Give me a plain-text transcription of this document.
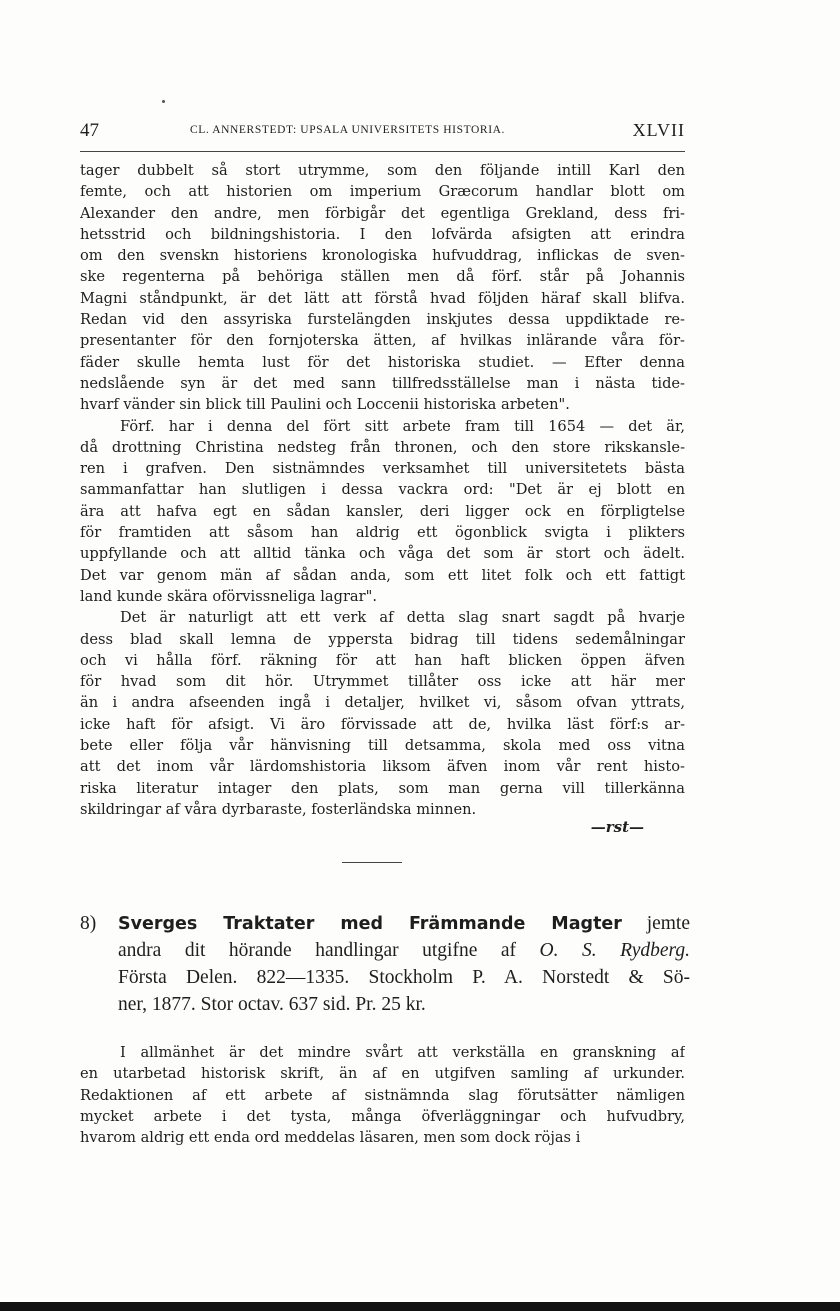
47	CL. ANNERSTEDT: UPSALA UNIVERSITETS HISTORIA.	XLVII
tager dubbelt så stort utrymme, som den följande intill Karl den
femte, och att historien om imperium Græcorum handlar blott om
Alexander den andre, men förbigår det egentliga Grekland, dess fri-
hetsstrid och bildningshistoria. I den lofvärda afsigten att erindra
om den svenskn historiens kronologiska hufvuddrag, inflickas de sven-
ske regenterna på behöriga ställen men då förf. står på Johannis
Magni ståndpunkt, är det lätt att förstå hvad följden häraf skall blifva.
Redan vid den assyriska furstelängden inskjutes dessa uppdiktade re-
presentanter för den fornjoterska ätten, af hvilkas inlärande våra för-
fäder skulle hemta lust för det historiska studiet. — Efter denna
nedslående syn är det med sann tillfredsställelse man i nästa tide-
hvarf vänder sin blick till Paulini och Loccenii historiska arbeten".
Förf. har i denna del fört sitt arbete fram till 1654 — det är,
då drottning Christina nedsteg från thronen, och den store rikskansle-
ren i grafven. Den sistnämndes verksamhet till universitetets bästa
sammanfattar han slutligen i dessa vackra ord: "Det är ej blott en
ära att hafva egt en sådan kansler, deri ligger ock en förpligtelse
för framtiden att såsom han aldrig ett ögonblick svigta i plikters
uppfyllande och att alltid tänka och våga det som är stort och ädelt.
Det var genom män af sådan anda, som ett litet folk och ett fattigt
land kunde skära oförvissneliga lagrar".
Det är naturligt att ett verk af detta slag snart sagdt på hvarje
dess blad skall lemna de yppersta bidrag till tidens sedemålningar
och vi hålla förf. räkning för att han haft blicken öppen äfven
för hvad som dit hör. Utrymmet tillåter oss icke att här mer
än i andra afseenden ingå i detaljer, hvilket vi, såsom ofvan yttrats,
icke haft för afsigt. Vi äro förvissade att de, hvilka läst förf:s ar-
bete eller följa vår hänvisning till detsamma, skola med oss vitna
att det inom vår lärdomshistoria liksom äfven inom vår rent histo-
riska literatur intager den plats, som man gerna vill tillerkänna
skildringar af våra dyrbaraste, fosterländska minnen.
—rst—
8) Sverges Traktater med Främmande Magter jemte
andra dit hörande handlingar utgifne af O. S. Rydberg.
Första Delen. 822—1335. Stockholm P. A. Norstedt & Sö-
ner, 1877. Stor octav. 637 sid. Pr. 25 kr.
I allmänhet är det mindre svårt att verkställa en granskning af
en utarbetad historisk skrift, än af en utgifven samling af urkunder.
Redaktionen af ett arbete af sistnämnda slag förutsätter nämligen
mycket arbete i det tysta, många öfverläggningar och hufvudbry,
hvarom aldrig ett enda ord meddelas läsaren, men som dock röjas i
